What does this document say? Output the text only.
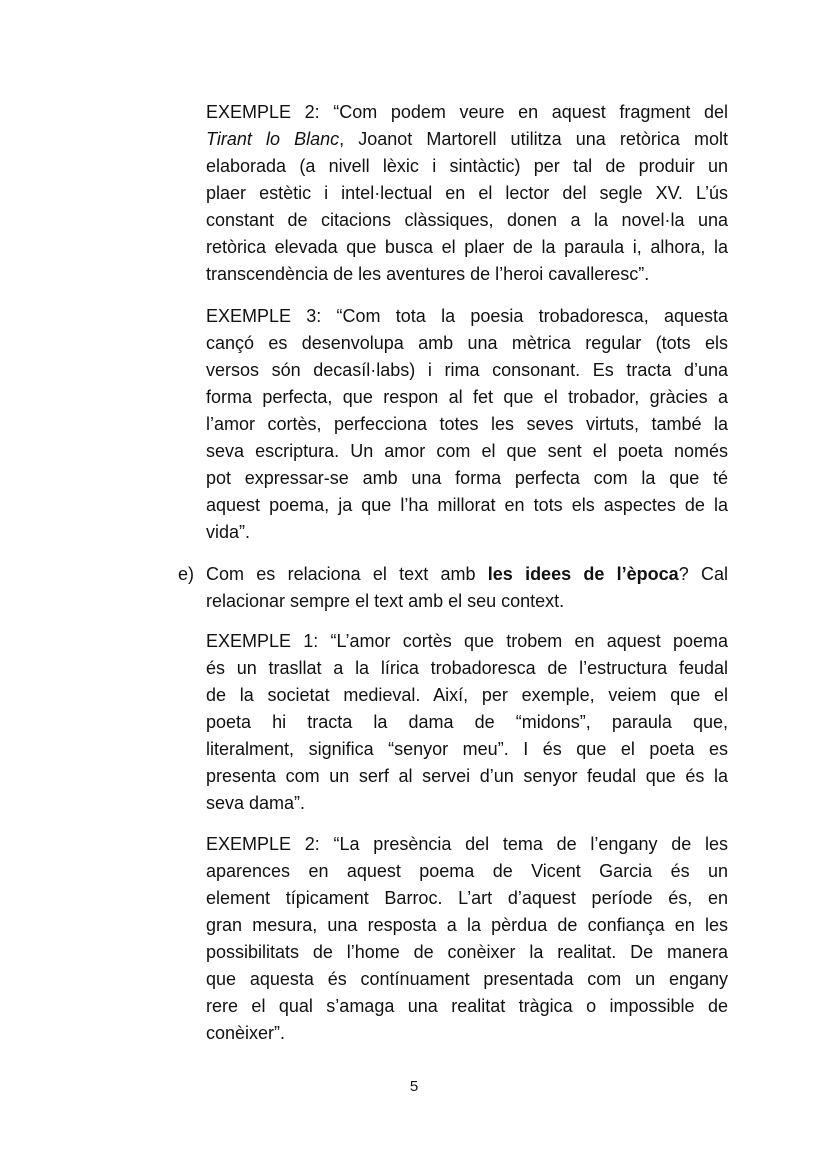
EXEMPLE 2: “Com podem veure en aquest fragment del
Tirant lo Blanc, Joanot Martorell utilitza una retòrica molt
elaborada (a nivell lèxic i sintàctic) per tal de produir un
plaer estètic i intel·lectual en el lector del segle XV. L’ús
constant de citacions clàssiques, donen a la novel·la una
retòrica elevada que busca el plaer de la paraula i, alhora, la
transcendència de les aventures de l’heroi cavalleresc”.
EXEMPLE 3: “Com tota la poesia trobadoresca, aquesta
cançó es desenvolupa amb una mètrica regular (tots els
versos són decasíl·labs) i rima consonant. Es tracta d’una
forma perfecta, que respon al fet que el trobador, gràcies a
l’amor cortès, perfecciona totes les seves virtuts, també la
seva escriptura. Un amor com el que sent el poeta només
pot expressar-se amb una forma perfecta com la que té
aquest poema, ja que l’ha millorat en tots els aspectes de la
vida”.
e) Com es relaciona el text amb les idees de l’època? Cal
relacionar sempre el text amb el seu context.
EXEMPLE 1: “L’amor cortès que trobem en aquest poema
és un trasllat a la lírica trobadoresca de l’estructura feudal
de la societat medieval. Així, per exemple, veiem que el
poeta hi tracta la dama de “midons”, paraula que,
literalment, significa “senyor meu”. I és que el poeta es
presenta com un serf al servei d’un senyor feudal que és la
seva dama”.
EXEMPLE 2: “La presència del tema de l’engany de les
aparences en aquest poema de Vicent Garcia és un
element típicament Barroc. L’art d’aquest període és, en
gran mesura, una resposta a la pèrdua de confiança en les
possibilitats de l’home de conèixer la realitat. De manera
que aquesta és contínuament presentada com un engany
rere el qual s’amaga una realitat tràgica o impossible de
conèixer”.
5
